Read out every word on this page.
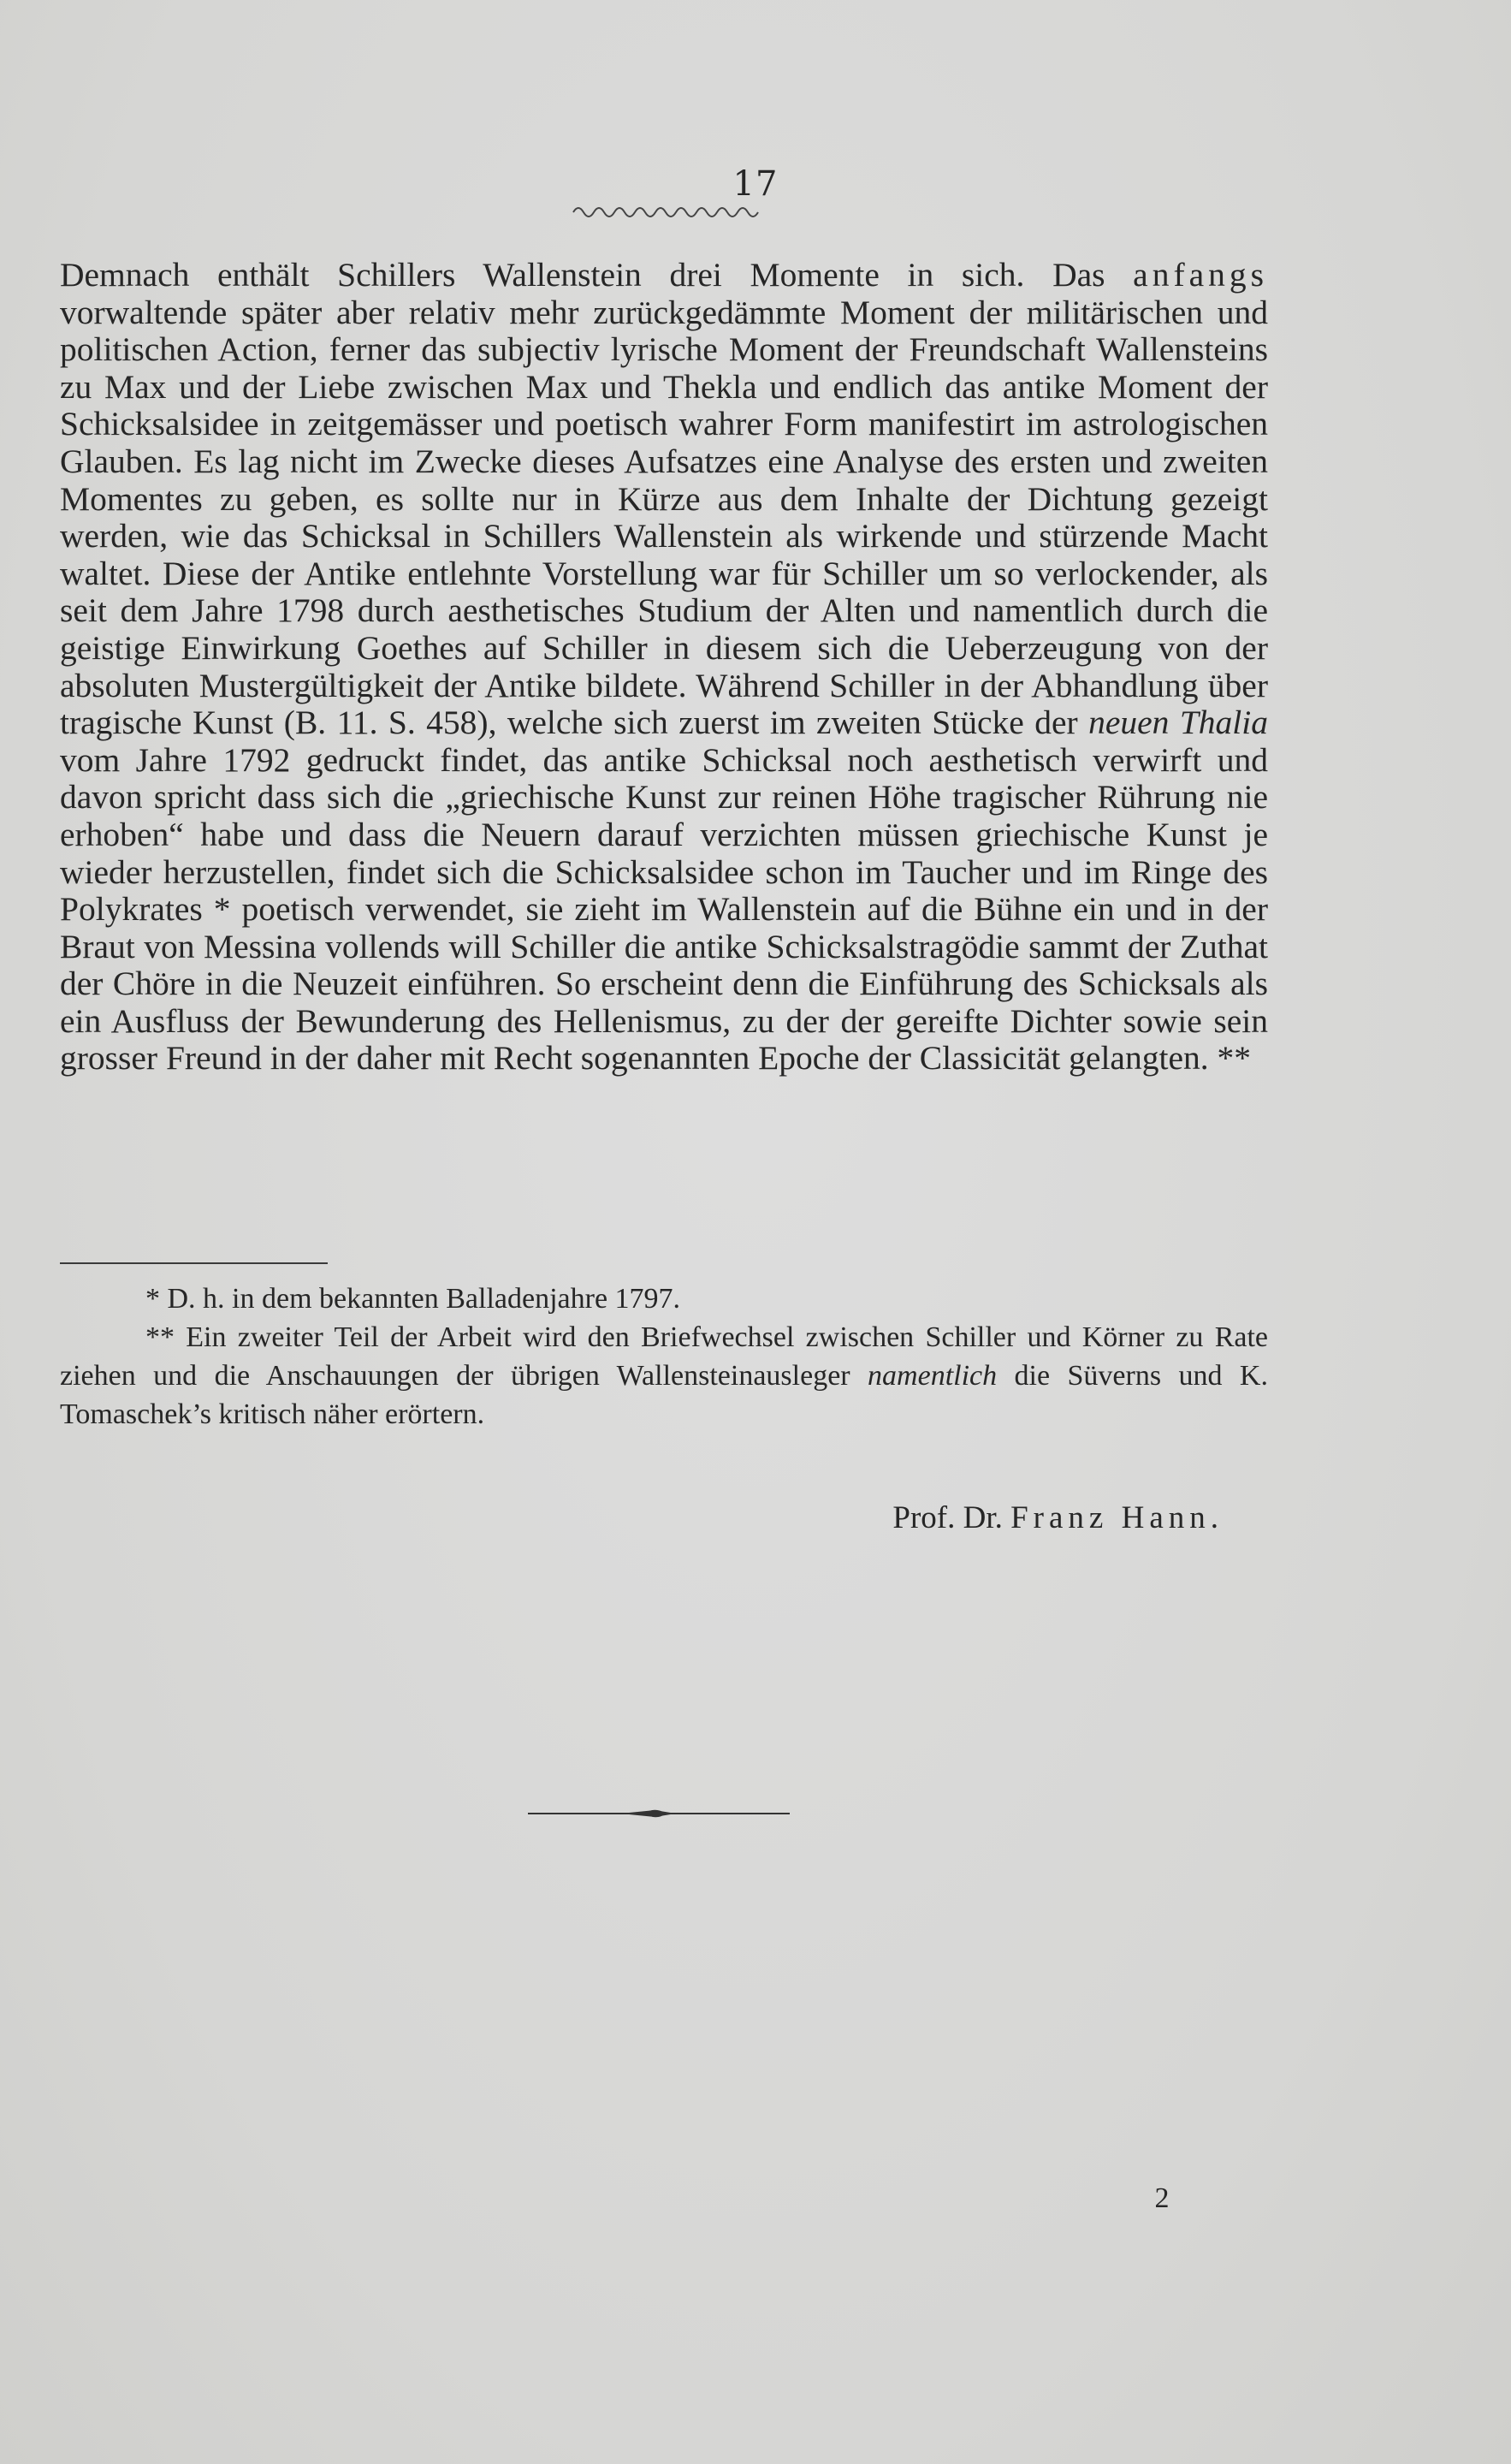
17

Demnach enthält Schillers Wallenstein drei Momente in sich. Das anfangs vorwaltende später aber relativ mehr zurückgedämmte Moment der militärischen und politischen Action, ferner das subjectiv lyrische Moment der Freundschaft Wallensteins zu Max und der Liebe zwischen Max und Thekla und endlich das antike Moment der Schicksalsidee in zeitgemässer und poetisch wahrer Form manifestirt im astrologischen Glauben. Es lag nicht im Zwecke dieses Aufsatzes eine Analyse des ersten und zweiten Momentes zu geben, es sollte nur in Kürze aus dem Inhalte der Dichtung gezeigt werden, wie das Schicksal in Schillers Wallenstein als wirkende und stürzende Macht waltet. Diese der Antike entlehnte Vorstellung war für Schiller um so verlockender, als seit dem Jahre 1798 durch aesthetisches Studium der Alten und namentlich durch die geistige Einwirkung Goethes auf Schiller in diesem sich die Ueberzeugung von der absoluten Mustergültigkeit der Antike bildete. Während Schiller in der Abhandlung über tragische Kunst (B. 11. S. 458), welche sich zuerst im zweiten Stücke der neuen Thalia vom Jahre 1792 gedruckt findet, das antike Schicksal noch aesthetisch verwirft und davon spricht dass sich die „griechische Kunst zur reinen Höhe tragischer Rührung nie erhoben“ habe und dass die Neuern darauf verzichten müssen griechische Kunst je wieder herzustellen, findet sich die Schicksalsidee schon im Taucher und im Ringe des Polykrates * poetisch verwendet, sie zieht im Wallenstein auf die Bühne ein und in der Braut von Messina vollends will Schiller die antike Schicksalstragödie sammt der Zuthat der Chöre in die Neuzeit einführen. So erscheint denn die Einführung des Schicksals als ein Ausfluss der Bewunderung des Hellenismus, zu der der gereifte Dichter sowie sein grosser Freund in der daher mit Recht sogenannten Epoche der Classicität gelangten. **

* D. h. in dem bekannten Balladenjahre 1797.

** Ein zweiter Teil der Arbeit wird den Briefwechsel zwischen Schiller und Körner zu Rate ziehen und die Anschauungen der übrigen Wallensteinausleger namentlich die Süverns und K. Tomaschek’s kritisch näher erörtern.

Prof. Dr. Franz Hann.
2
